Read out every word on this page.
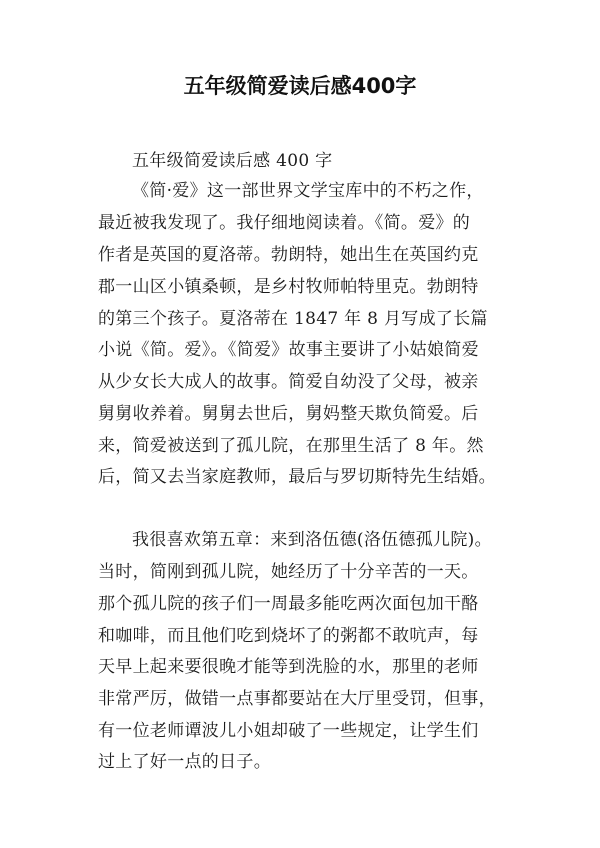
五年级简爱读后感400字
五年级简爱读后感 400 字
《简·爱》这一部世界文学宝库中的不朽之作，
最近被我发现了。我仔细地阅读着。《简。爱》的
作者是英国的夏洛蒂。勃朗特，她出生在英国约克
郡一山区小镇桑顿，是乡村牧师帕特里克。勃朗特
的第三个孩子。夏洛蒂在 1847 年 8 月写成了长篇
小说《简。爱》。《简爱》故事主要讲了小姑娘简爱
从少女长大成人的故事。简爱自幼没了父母，被亲
舅舅收养着。舅舅去世后，舅妈整天欺负简爱。后
来，简爱被送到了孤儿院，在那里生活了 8 年。然
后，简又去当家庭教师，最后与罗切斯特先生结婚。
我很喜欢第五章：来到洛伍德(洛伍德孤儿院)。
当时，简刚到孤儿院，她经历了十分辛苦的一天。
那个孤儿院的孩子们一周最多能吃两次面包加干酪
和咖啡，而且他们吃到烧坏了的粥都不敢吭声，每
天早上起来要很晚才能等到洗脸的水，那里的老师
非常严厉，做错一点事都要站在大厅里受罚，但事，
有一位老师谭波儿小姐却破了一些规定，让学生们
过上了好一点的日子。
